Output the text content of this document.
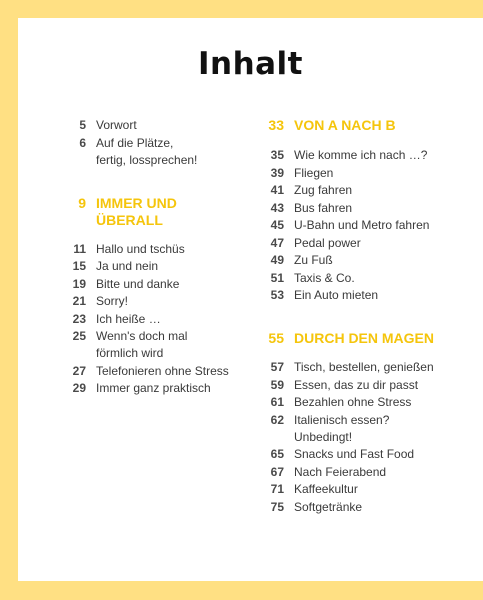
Inhalt
5 Vorwort
6 Auf die Plätze,
fertig, lossprechen!
9 IMMER UND
ÜBERALL
11 Hallo und tschüs
15 Ja und nein
19 Bitte und danke
21 Sorry!
23 Ich heiße …
25 Wenn's doch mal
förmlich wird
27 Telefonieren ohne Stress
29 Immer ganz praktisch
33 VON A NACH B
35 Wie komme ich nach …?
39 Fliegen
41 Zug fahren
43 Bus fahren
45 U-Bahn und Metro fahren
47 Pedal power
49 Zu Fuß
51 Taxis & Co.
53 Ein Auto mieten
55 DURCH DEN MAGEN
57 Tisch, bestellen, genießen
59 Essen, das zu dir passt
61 Bezahlen ohne Stress
62 Italienisch essen?
Unbedingt!
65 Snacks und Fast Food
67 Nach Feierabend
71 Kaffeekultur
75 Softgetränke
